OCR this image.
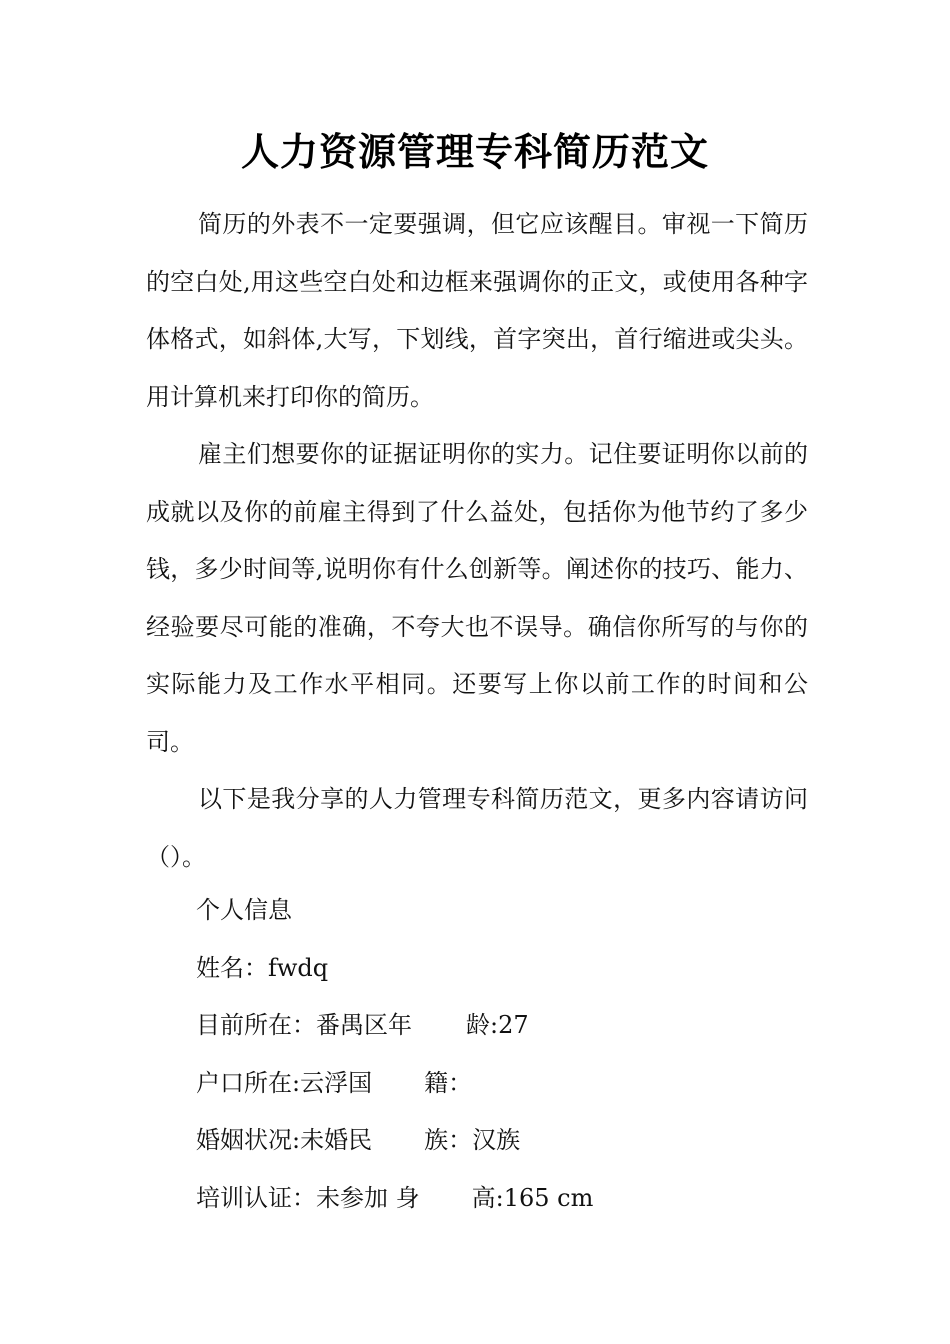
人力资源管理专科简历范文

简历的外表不一定要强调，但它应该醒目。审视一下简历的空白处,用这些空白处和边框来强调你的正文，或使用各种字体格式，如斜体,大写，下划线，首字突出，首行缩进或尖头。 用计算机来打印你的简历。

雇主们想要你的证据证明你的实力。记住要证明你以前的成就以及你的前雇主得到了什么益处，包括你为他节约了多少钱，多少时间等,说明你有什么创新等。阐述你的技巧、能力、经验要尽可能的准确，不夸大也不误导。确信你所写的与你的实际能力及工作水平相同。还要写上你以前工作的时间和公司。

以下是我分享的人力管理专科简历范文，更多内容请访问（）。

个人信息
姓名：fwdq
目前所在：番禺区年 龄:27
户口所在:云浮国 籍：
婚姻状况:未婚民 族：汉族
培训认证：未参加 身 高:165 cm
